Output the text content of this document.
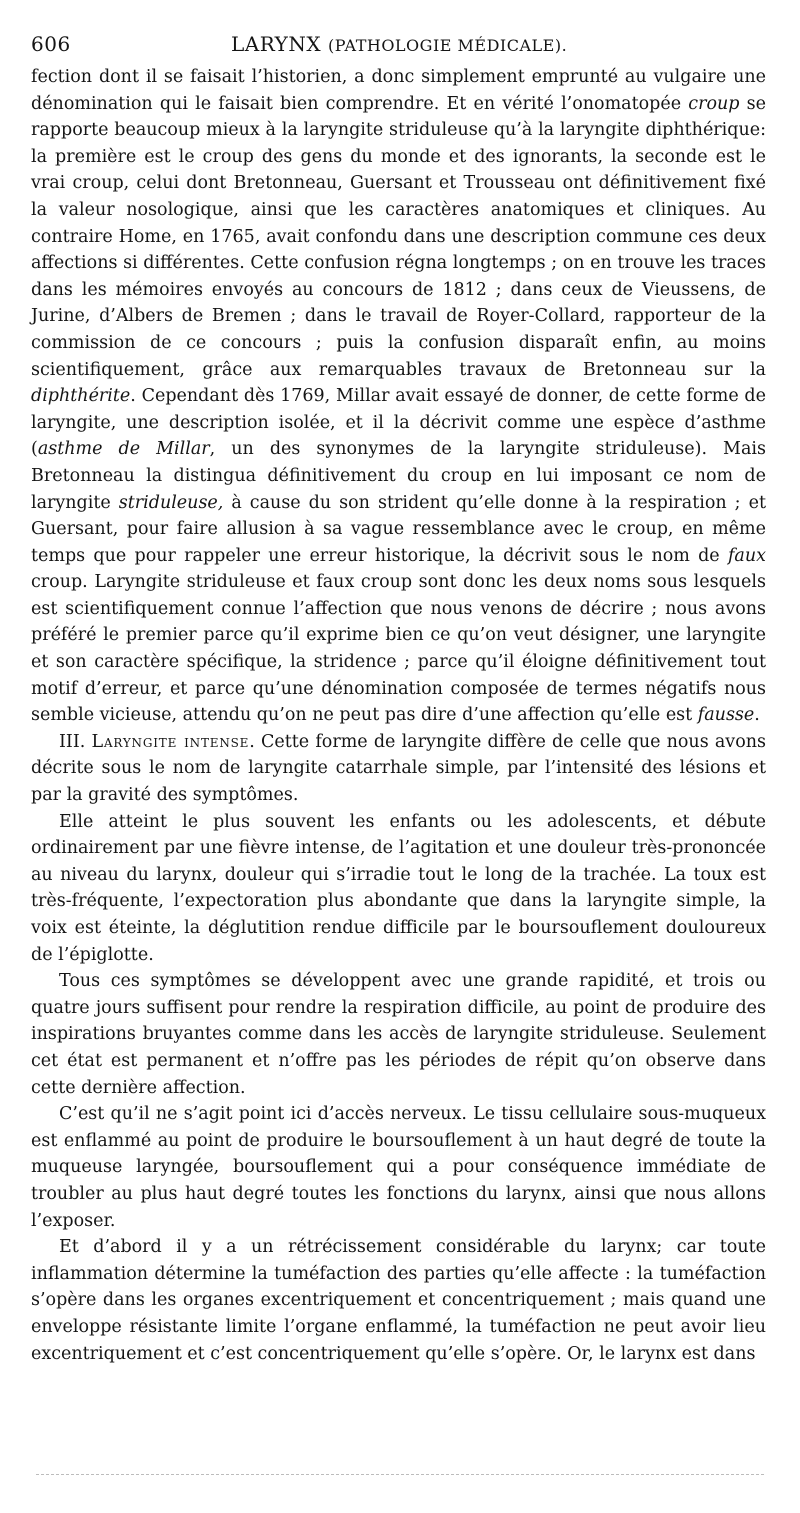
606	LARYNX (PATHOLOGIE MÉDICALE).

fection dont il se faisait l’historien, a donc simplement emprunté au vulgaire une dénomination qui le faisait bien comprendre. Et en vérité l’onomatopée croup se rapporte beaucoup mieux à la laryngite striduleuse qu’à la laryngite diphthérique: la première est le croup des gens du monde et des ignorants, la seconde est le vrai croup, celui dont Bretonneau, Guersant et Trousseau ont définitivement fixé la valeur nosologique, ainsi que les caractères anatomiques et cliniques. Au contraire Home, en 1765, avait confondu dans une description commune ces deux affections si différentes. Cette confusion régna longtemps ; on en trouve les traces dans les mémoires envoyés au concours de 1812 ; dans ceux de Vieussens, de Jurine, d’Albers de Bremen ; dans le travail de Royer-Collard, rapporteur de la commission de ce concours ; puis la confusion disparaît enfin, au moins scientifiquement, grâce aux remarquables travaux de Bretonneau sur la diphthérite. Cependant dès 1769, Millar avait essayé de donner, de cette forme de laryngite, une description isolée, et il la décrivit comme une espèce d’asthme (asthme de Millar, un des synonymes de la laryngite striduleuse). Mais Bretonneau la distingua définitivement du croup en lui imposant ce nom de laryngite striduleuse, à cause du son strident qu’elle donne à la respiration ; et Guersant, pour faire allusion à sa vague ressemblance avec le croup, en même temps que pour rappeler une erreur historique, la décrivit sous le nom de faux croup. Laryngite striduleuse et faux croup sont donc les deux noms sous lesquels est scientifiquement connue l’affection que nous venons de décrire ; nous avons préféré le premier parce qu’il exprime bien ce qu’on veut désigner, une laryngite et son caractère spécifique, la stridence ; parce qu’il éloigne définitivement tout motif d’erreur, et parce qu’une dénomination composée de termes négatifs nous semble vicieuse, attendu qu’on ne peut pas dire d’une affection qu’elle est fausse.

III. Laryngite intense. Cette forme de laryngite diffère de celle que nous avons décrite sous le nom de laryngite catarrhale simple, par l’intensité des lésions et par la gravité des symptômes.

Elle atteint le plus souvent les enfants ou les adolescents, et débute ordinairement par une fièvre intense, de l’agitation et une douleur très-prononcée au niveau du larynx, douleur qui s’irradie tout le long de la trachée. La toux est très-fréquente, l’expectoration plus abondante que dans la laryngite simple, la voix est éteinte, la déglutition rendue difficile par le boursouflement douloureux de l’épiglotte.

Tous ces symptômes se développent avec une grande rapidité, et trois ou quatre jours suffisent pour rendre la respiration difficile, au point de produire des inspirations bruyantes comme dans les accès de laryngite striduleuse. Seulement cet état est permanent et n’offre pas les périodes de répit qu’on observe dans cette dernière affection.

C’est qu’il ne s’agit point ici d’accès nerveux. Le tissu cellulaire sous-muqueux est enflammé au point de produire le boursouflement à un haut degré de toute la muqueuse laryngée, boursouflement qui a pour conséquence immédiate de troubler au plus haut degré toutes les fonctions du larynx, ainsi que nous allons l’exposer.

Et d’abord il y a un rétrécissement considérable du larynx; car toute inflammation détermine la tuméfaction des parties qu’elle affecte : la tuméfaction s’opère dans les organes excentriquement et concentriquement ; mais quand une enveloppe résistante limite l’organe enflammé, la tuméfaction ne peut avoir lieu excentriquement et c’est concentriquement qu’elle s’opère. Or, le larynx est dans
